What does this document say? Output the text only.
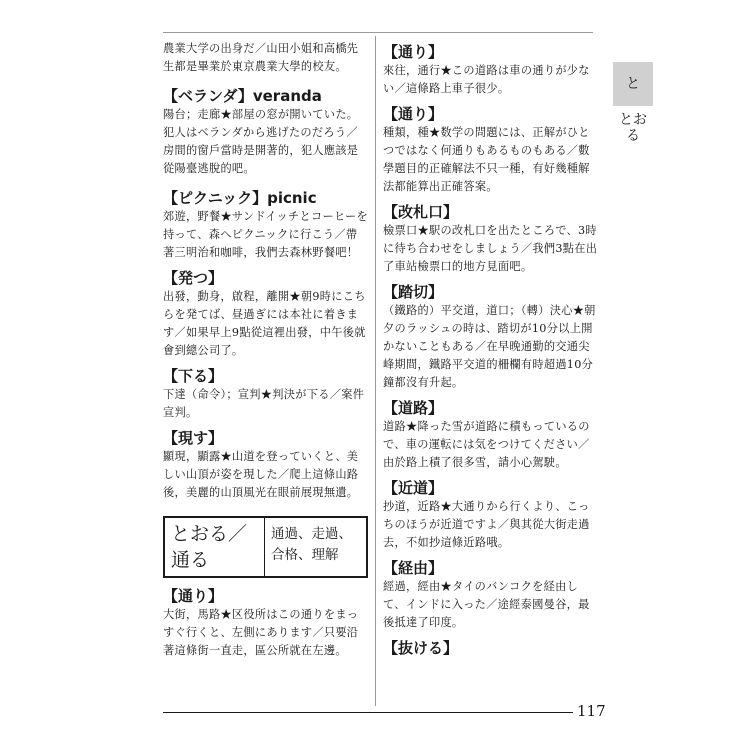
農業大学の出身だ／山田小姐和高橋先生都是畢業於東京農業大學的校友。
【ベランダ】veranda
陽台；走廊★部屋の窓が開いていた。犯人はベランダから逃げたのだろう／房間的窗戶當時是開著的，犯人應該是從陽臺逃脫的吧。
【ピクニック】picnic
郊遊，野餐★サンドイッチとコーヒーを持って、森へピクニックに行こう／帶著三明治和咖啡，我們去森林野餐吧！
【発つ】
出發，動身，啟程，離開★朝9時にこちらを発てば、昼過ぎには本社に着きます／如果早上9點從這裡出發，中午後就會到總公司了。
【下る】
下達（命令）；宣判★判決が下る／案件宣判。
【現す】
顯現，顯露★山道を登っていくと、美しい山頂が姿を現した／爬上這條山路後，美麗的山頂風光在眼前展現無遺。
とおる／通る
通過、走過、合格、理解
【通り】
大街，馬路★区役所はこの通りをまっすぐ行くと、左側にあります／只要沿著這條街一直走，區公所就在左邊。
【通り】
來往，通行★この道路は車の通りが少ない／這條路上車子很少。
【通り】
種類，種★数学の問題には、正解がひとつではなく何通りもあるものもある／數學題目的正確解法不只一種，有好幾種解法都能算出正確答案。
【改札口】
檢票口★駅の改札口を出たところで、3時に待ち合わせをしましょう／我們3點在出了車站檢票口的地方見面吧。
【踏切】
（鐵路的）平交道，道口；（轉）決心★朝夕のラッシュの時は、踏切が10分以上開かないこともある／在早晚通勤的交通尖峰期間，鐵路平交道的柵欄有時超過10分鐘都沒有升起。
【道路】
道路★降った雪が道路に積もっているので、車の運転には気をつけてください／由於路上積了很多雪，請小心駕駛。
【近道】
抄道，近路★大通りから行くより、こっちのほうが近道ですよ／與其從大街走過去，不如抄這條近路哦。
【経由】
經過，經由★タイのバンコクを経由して、インドに入った／途經泰國曼谷，最後抵達了印度。
【抜ける】
と
とおる
117
